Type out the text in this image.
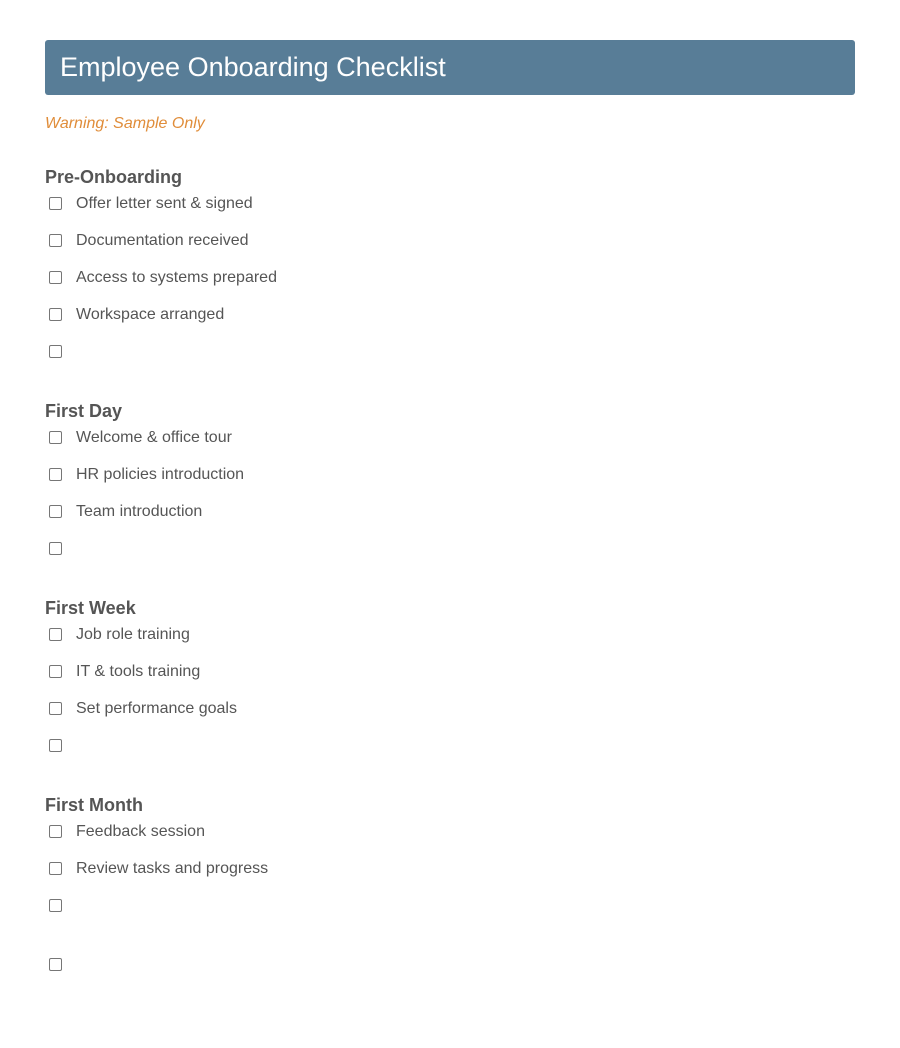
Employee Onboarding Checklist
Warning: Sample Only
Pre-Onboarding
Offer letter sent & signed
Documentation received
Access to systems prepared
Workspace arranged
First Day
Welcome & office tour
HR policies introduction
Team introduction
First Week
Job role training
IT & tools training
Set performance goals
First Month
Feedback session
Review tasks and progress
